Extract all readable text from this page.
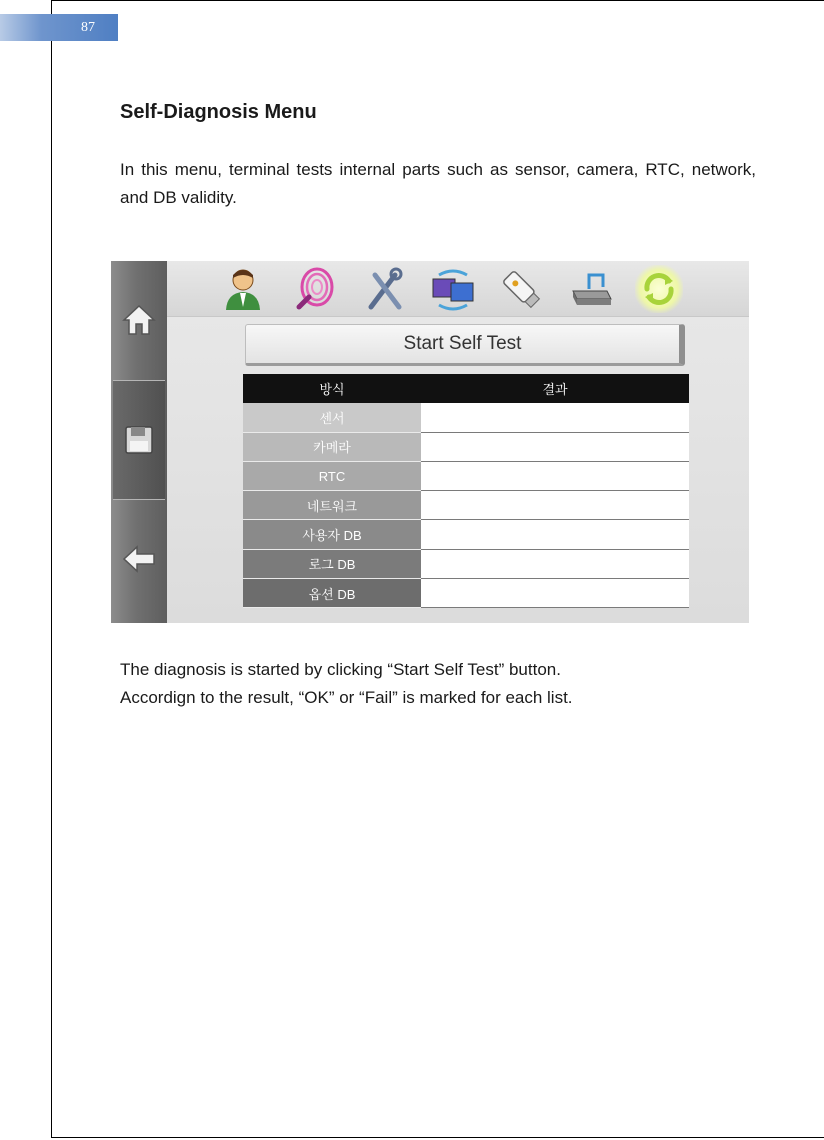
87
Self-Diagnosis Menu
In this menu, terminal tests internal parts such as sensor, camera, RTC, network, and DB validity.
Start Self Test
방식	결과
센서
카메라
RTC
네트워크
사용자 DB
로그 DB
옵션 DB
The diagnosis is started by clicking “Start Self Test” button.
Accordign to the result, “OK” or “Fail” is marked for each list.
